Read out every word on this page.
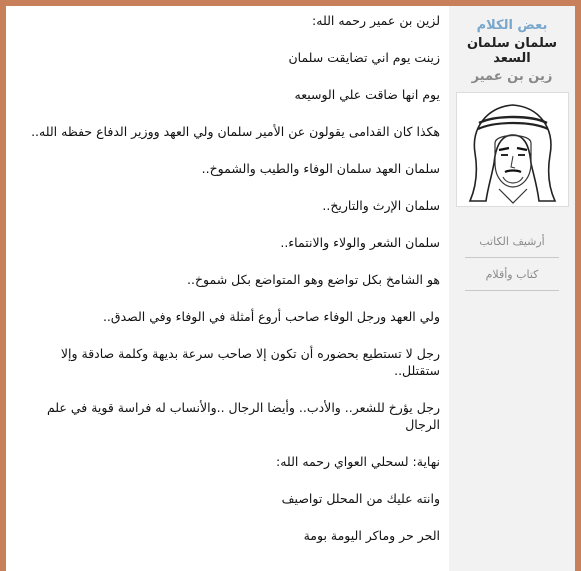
بعض الكلام
سلمان سلمان السعد
زين بن عمير
أرشيف الكاتب
كتاب وأقلام

لزين بن عمير رحمه الله:

زينت يوم اني تضايقت سلمان

يوم انها ضاقت علي الوسيعه

هكذا كان القدامى يقولون عن الأمير سلمان ولي العهد ووزير الدفاع حفظه الله..

سلمان العهد سلمان الوفاء والطيب والشموخ..

سلمان الإرث والتاريخ..

سلمان الشعر والولاء والانتماء..

هو الشامخ بكل تواضع وهو المتواضع بكل شموخ..

ولي العهد ورجل الوفاء صاحب أروع أمثلة في الوفاء وفي الصدق..

رجل لا تستطيع بحضوره أن تكون إلا صاحب سرعة بديهة وكلمة صادقة وإلا ستقتلل..

رجل يؤرخ للشعر.. والأدب.. وأيضا الرجال ..والأنساب له فراسة قوية في علم الرجال

نهاية: لسحلي العواي رحمه الله:

وانته عليك من المحلل تواصيف

الحر حر وماكر اليومة بومة
